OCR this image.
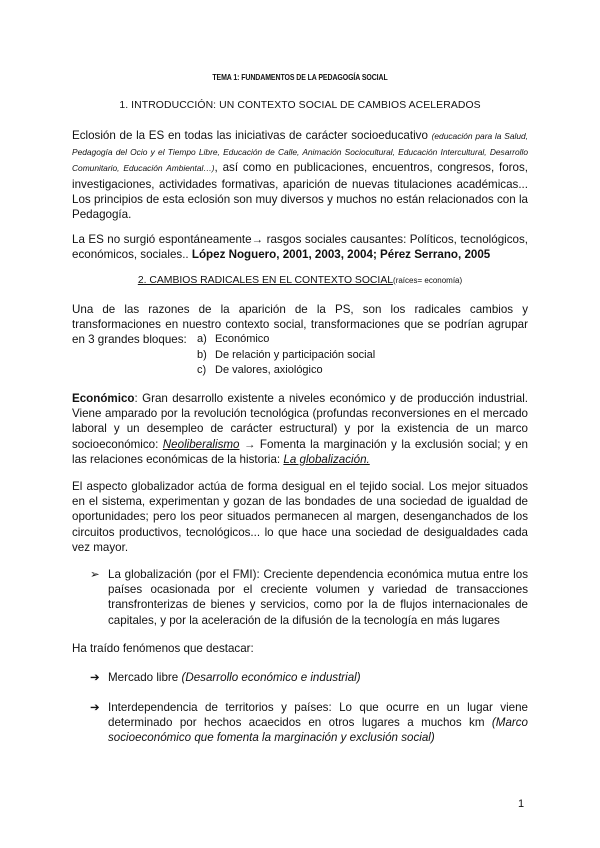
TEMA 1: FUNDAMENTOS DE LA PEDAGOGÍA SOCIAL
1. INTRODUCCIÓN: UN CONTEXTO SOCIAL DE CAMBIOS ACELERADOS

Eclosión de la ES en todas las iniciativas de carácter socioeducativo (educación para la Salud, Pedagogía del Ocio y el Tiempo Libre, Educación de Calle, Animación Sociocultural, Educación Intercultural, Desarrollo Comunitario, Educación Ambiental…), así como en publicaciones, encuentros, congresos, foros, investigaciones, actividades formativas, aparición de nuevas titulaciones académicas... Los principios de esta eclosión son muy diversos y muchos no están relacionados con la Pedagogía.

La ES no surgió espontáneamente→ rasgos sociales causantes: Políticos, tecnológicos, económicos, sociales.. López Noguero, 2001, 2003, 2004; Pérez Serrano, 2005

2. CAMBIOS RADICALES EN EL CONTEXTO SOCIAL(raíces= economía)

Una de las razones de la aparición de la PS, son los radicales cambios y transformaciones en nuestro contexto social, transformaciones que se podrían agrupar en 3 grandes bloques: a) Económico
b) De relación y participación social
c) De valores, axiológico

Económico: Gran desarrollo existente a niveles económico y de producción industrial. Viene amparado por la revolución tecnológica (profundas reconversiones en el mercado laboral y un desempleo de carácter estructural) y por la existencia de un marco socioeconómico: Neoliberalismo → Fomenta la marginación y la exclusión social; y en las relaciones económicas de la historia: La globalización.

El aspecto globalizador actúa de forma desigual en el tejido social. Los mejor situados en el sistema, experimentan y gozan de las bondades de una sociedad de igualdad de oportunidades; pero los peor situados permanecen al margen, desenganchados de los circuitos productivos, tecnológicos... lo que hace una sociedad de desigualdades cada vez mayor.

➢ La globalización (por el FMI): Creciente dependencia económica mutua entre los países ocasionada por el creciente volumen y variedad de transacciones transfronterizas de bienes y servicios, como por la de flujos internacionales de capitales, y por la aceleración de la difusión de la tecnología en más lugares

Ha traído fenómenos que destacar:

➔ Mercado libre (Desarrollo económico e industrial)
➔ Interdependencia de territorios y países: Lo que ocurre en un lugar viene determinado por hechos acaecidos en otros lugares a muchos km (Marco socioeconómico que fomenta la marginación y exclusión social)
1
